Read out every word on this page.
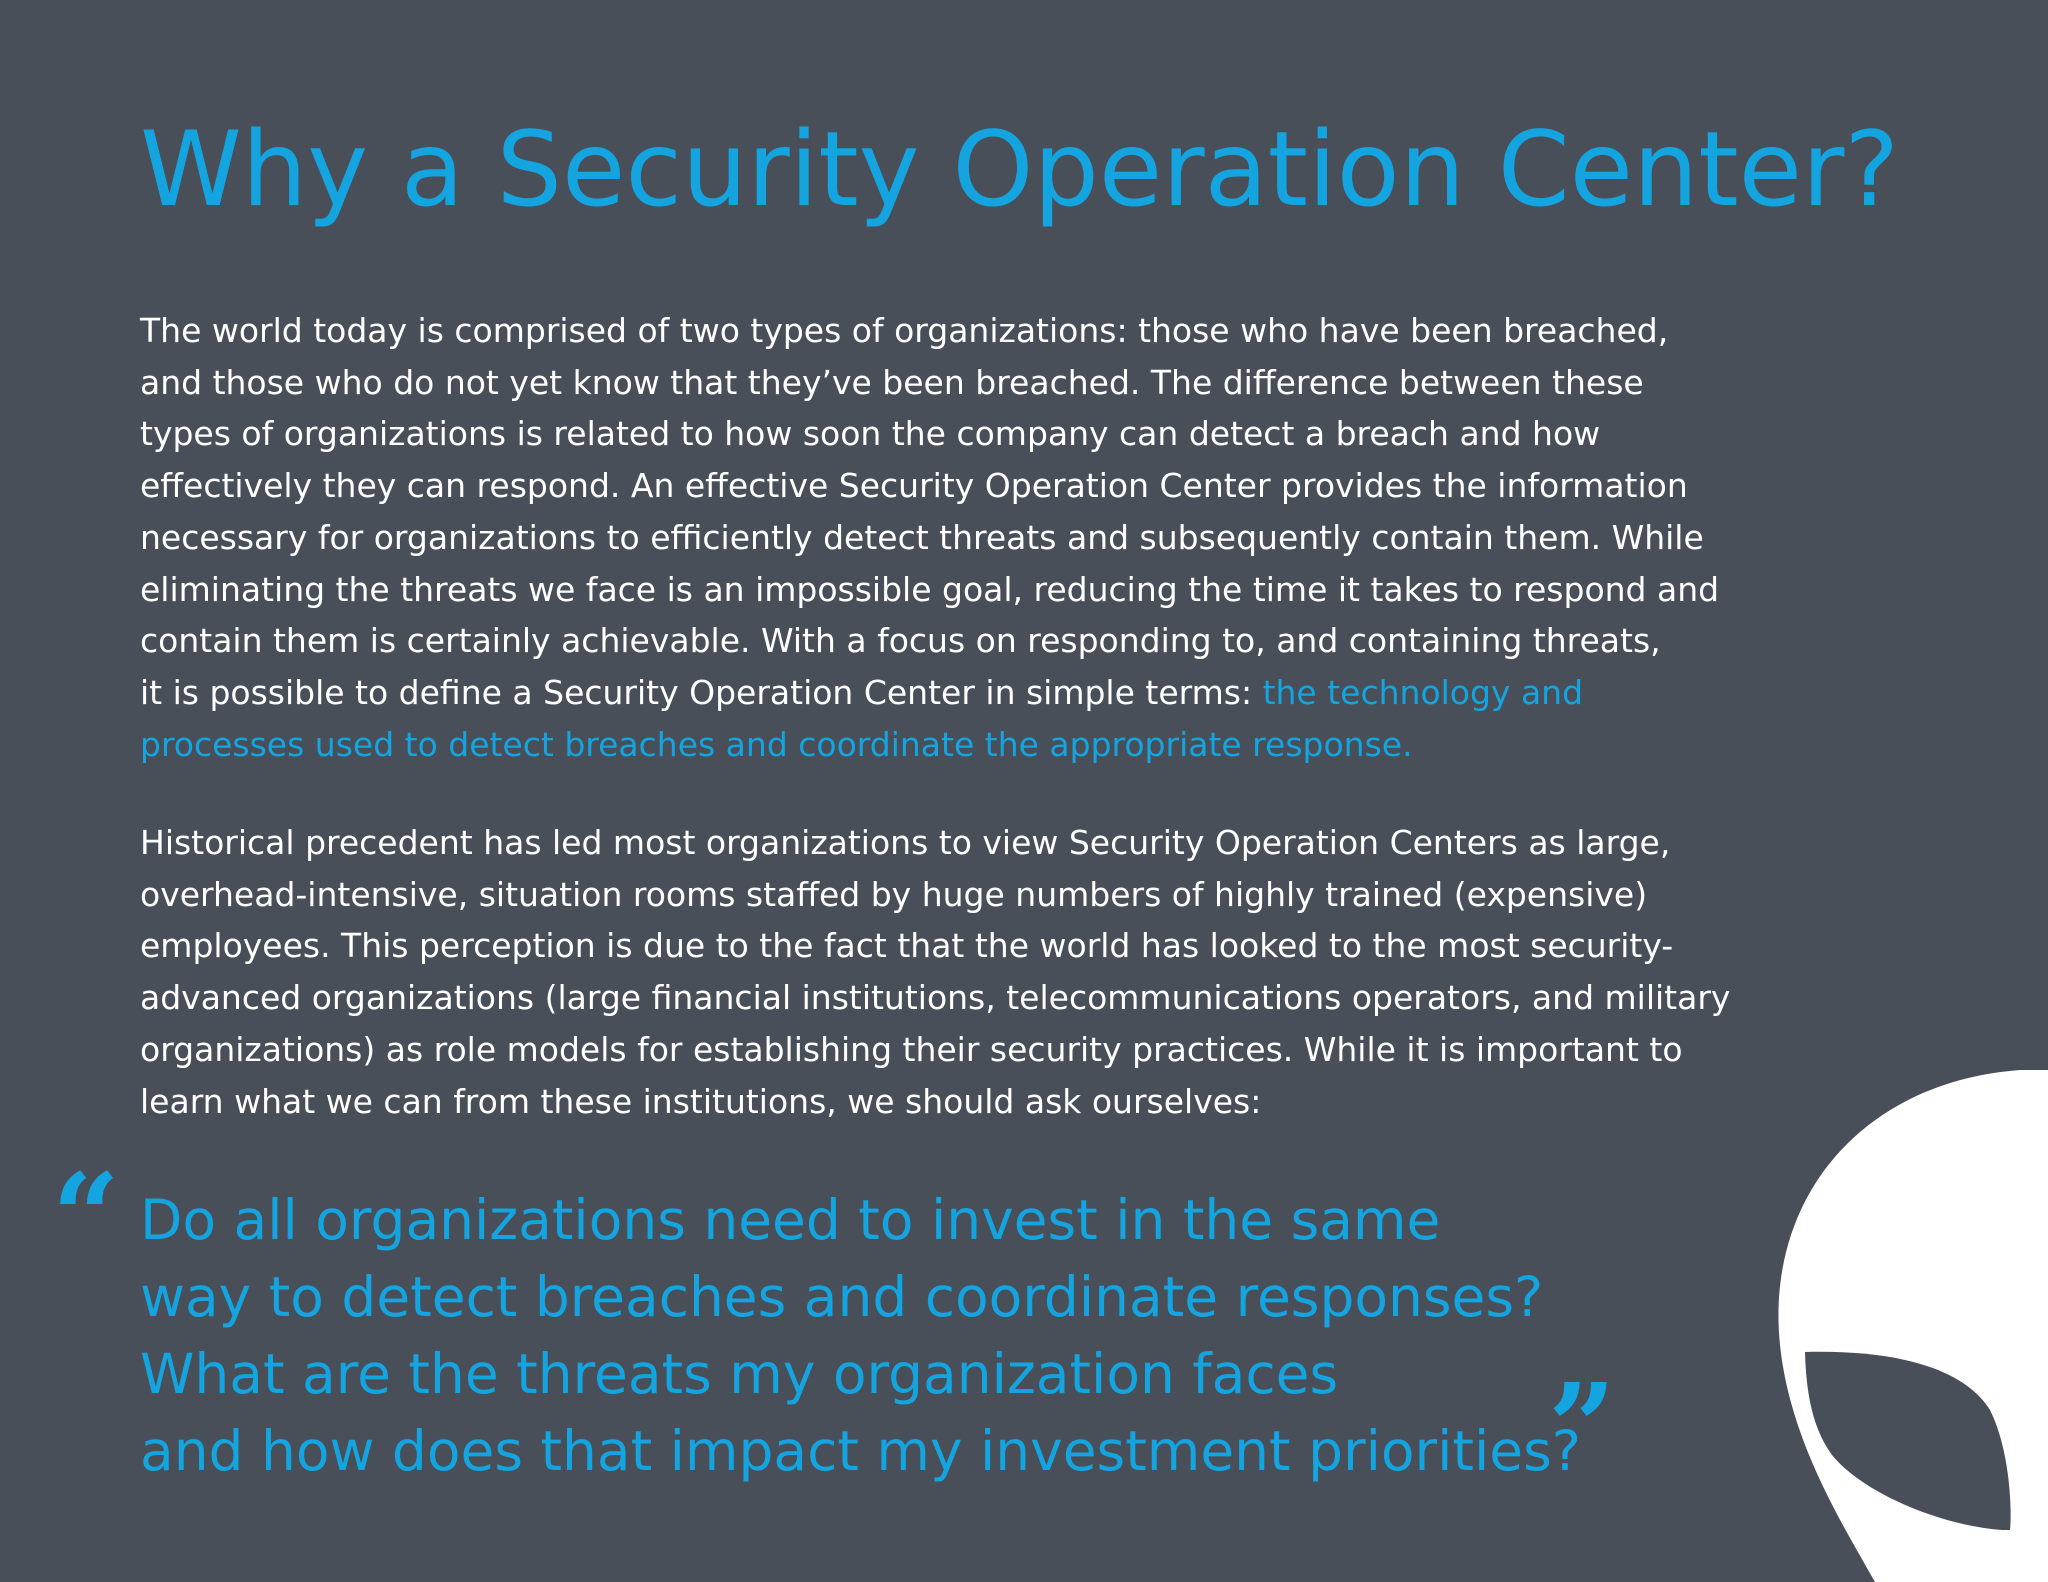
Why a Security Operation Center?

The world today is comprised of two types of organizations: those who have been breached,
and those who do not yet know that they’ve been breached. The difference between these
types of organizations is related to how soon the company can detect a breach and how
effectively they can respond. An effective Security Operation Center provides the information
necessary for organizations to efficiently detect threats and subsequently contain them. While
eliminating the threats we face is an impossible goal, reducing the time it takes to respond and
contain them is certainly achievable. With a focus on responding to, and containing threats,
it is possible to define a Security Operation Center in simple terms: the technology and
processes used to detect breaches and coordinate the appropriate response.

Historical precedent has led most organizations to view Security Operation Centers as large,
overhead-intensive, situation rooms staffed by huge numbers of highly trained (expensive)
employees. This perception is due to the fact that the world has looked to the most security-
advanced organizations (large financial institutions, telecommunications operators, and military
organizations) as role models for establishing their security practices. While it is important to
learn what we can from these institutions, we should ask ourselves:

“ Do all organizations need to invest in the same
way to detect breaches and coordinate responses?
What are the threats my organization faces
and how does that impact my investment priorities?

”
